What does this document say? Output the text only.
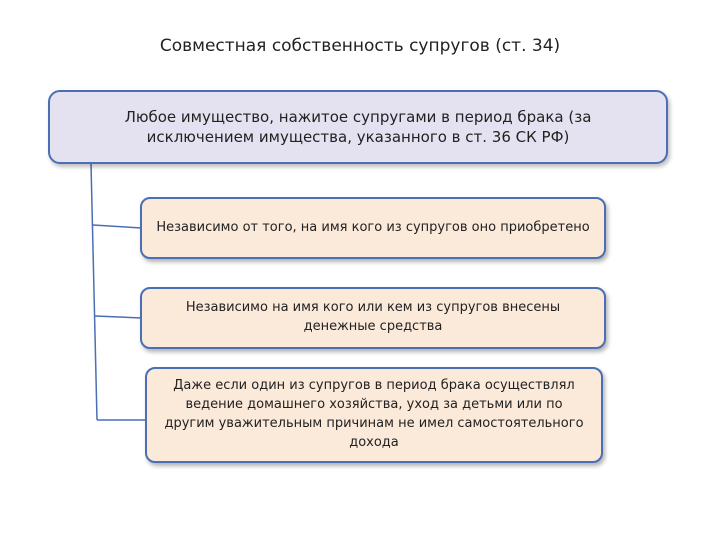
Совместная собственность супругов (ст. 34)
Любое имущество, нажитое супругами в период брака (за исключением имущества, указанного в ст. 36 СК РФ)
Независимо от того, на имя кого из супругов оно приобретено
Независимо на имя кого или кем из супругов внесены денежные средства
Даже если один из супругов в период брака осуществлял ведение домашнего хозяйства, уход за детьми или по другим уважительным причинам не имел самостоятельного дохода
